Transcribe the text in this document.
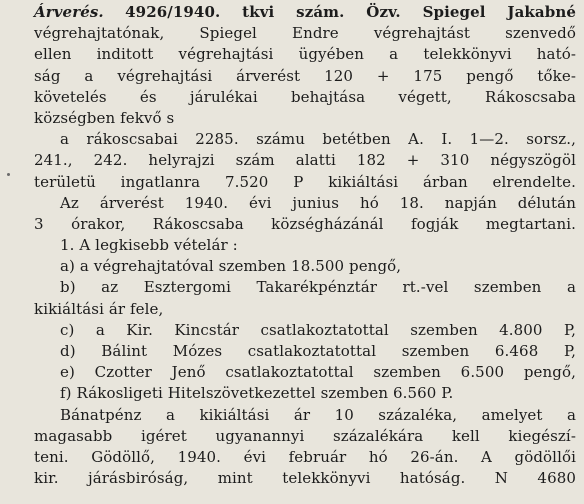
Árverés. 4926/1940. tkvi szám. Özv. Spiegel Jakabné
végrehajtatónak, Spiegel Endre végrehajtást szenvedő
ellen inditott végrehajtási ügyében a telekkönyvi ható-
ság a végrehajtási árverést 120 + 175 pengő tőke-
követelés és járulékai behajtása végett, Rákoscsaba
községben fekvő s
a rákoscsabai 2285. számu betétben A. I. 1—2. sorsz.,
241., 242. helyrajzi szám alatti 182 + 310 négyszögöl
területü ingatlanra 7.520 P kikiáltási árban elrendelte.
Az árverést 1940. évi junius hó 18. napján délután
3 órakor, Rákoscsaba községházánál fogják megtartani.
1. A legkisebb vételár :
a) a végrehajtatóval szemben 18.500 pengő,
b) az Esztergomi Takarékpénztár rt.-vel szemben a
kikiáltási ár fele,
c) a Kir. Kincstár csatlakoztatottal szemben 4.800 P,
d) Bálint Mózes csatlakoztatottal szemben 6.468 P,
e) Czotter Jenő csatlakoztatottal szemben 6.500 pengő,
f) Rákosligeti Hitelszövetkezettel szemben 6.560 P.
Bánatpénz a kikiáltási ár 10 százaléka, amelyet a
magasabb igéret ugyanannyi százalékára kell kiegészí-
teni. Gödöllő, 1940. évi február hó 26-án. A gödöllői
kir. járásbiróság, mint telekkönyvi hatóság. N 4680
